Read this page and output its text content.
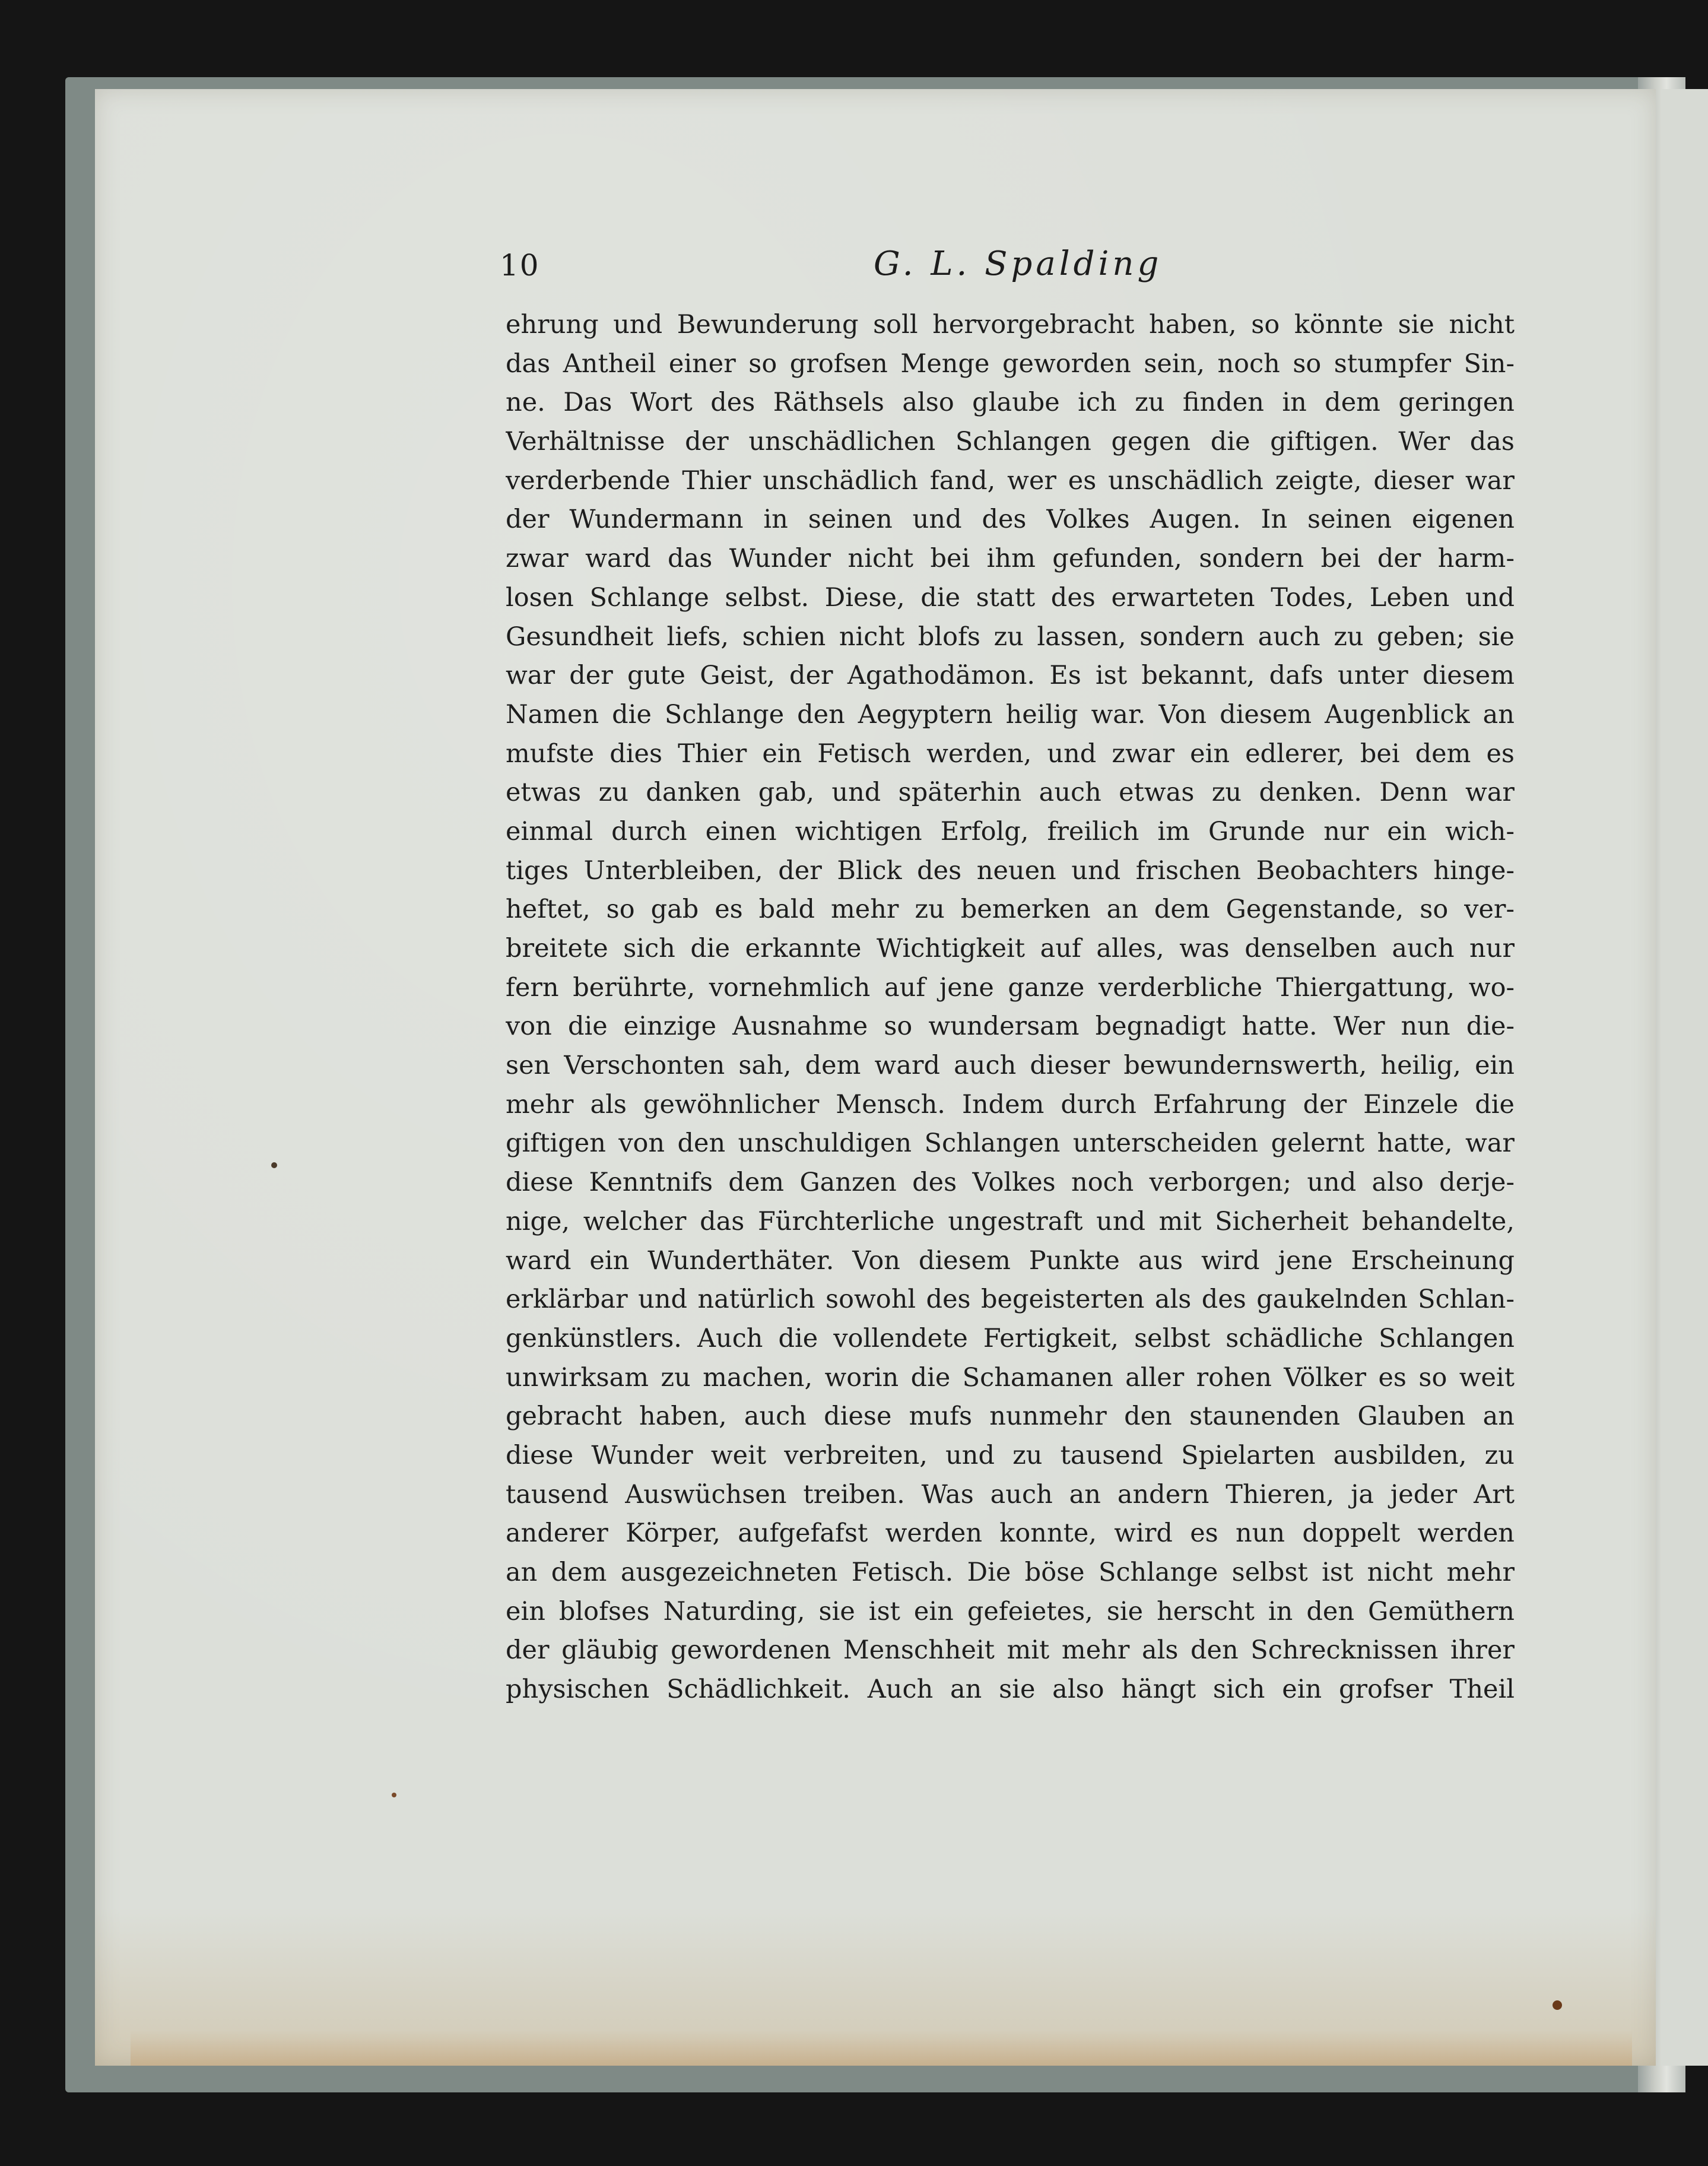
10	G. L. Spalding
ehrung und Bewunderung soll hervorgebracht haben, so könnte sie nicht
das Antheil einer so grofsen Menge geworden sein, noch so stumpfer Sin-
ne. Das Wort des Räthsels also glaube ich zu finden in dem geringen
Verhältnisse der unschädlichen Schlangen gegen die giftigen. Wer das
verderbende Thier unschädlich fand, wer es unschädlich zeigte, dieser war
der Wundermann in seinen und des Volkes Augen. In seinen eigenen
zwar ward das Wunder nicht bei ihm gefunden, sondern bei der harm-
losen Schlange selbst. Diese, die statt des erwarteten Todes, Leben und
Gesundheit liefs, schien nicht blofs zu lassen, sondern auch zu geben; sie
war der gute Geist, der Agathodämon. Es ist bekannt, dafs unter diesem
Namen die Schlange den Aegyptern heilig war. Von diesem Augenblick an
mufste dies Thier ein Fetisch werden, und zwar ein edlerer, bei dem es
etwas zu danken gab, und späterhin auch etwas zu denken. Denn war
einmal durch einen wichtigen Erfolg, freilich im Grunde nur ein wich-
tiges Unterbleiben, der Blick des neuen und frischen Beobachters hinge-
heftet, so gab es bald mehr zu bemerken an dem Gegenstande, so ver-
breitete sich die erkannte Wichtigkeit auf alles, was denselben auch nur
fern berührte, vornehmlich auf jene ganze verderbliche Thiergattung, wo-
von die einzige Ausnahme so wundersam begnadigt hatte. Wer nun die-
sen Verschonten sah, dem ward auch dieser bewundernswerth, heilig, ein
mehr als gewöhnlicher Mensch. Indem durch Erfahrung der Einzele die
giftigen von den unschuldigen Schlangen unterscheiden gelernt hatte, war
diese Kenntnifs dem Ganzen des Volkes noch verborgen; und also derje-
nige, welcher das Fürchterliche ungestraft und mit Sicherheit behandelte,
ward ein Wunderthäter. Von diesem Punkte aus wird jene Erscheinung
erklärbar und natürlich sowohl des begeisterten als des gaukelnden Schlan-
genkünstlers. Auch die vollendete Fertigkeit, selbst schädliche Schlangen
unwirksam zu machen, worin die Schamanen aller rohen Völker es so weit
gebracht haben, auch diese mufs nunmehr den staunenden Glauben an
diese Wunder weit verbreiten, und zu tausend Spielarten ausbilden, zu
tausend Auswüchsen treiben. Was auch an andern Thieren, ja jeder Art
anderer Körper, aufgefafst werden konnte, wird es nun doppelt werden
an dem ausgezeichneten Fetisch. Die böse Schlange selbst ist nicht mehr
ein blofses Naturding, sie ist ein gefeietes, sie herscht in den Gemüthern
der gläubig gewordenen Menschheit mit mehr als den Schrecknissen ihrer
physischen Schädlichkeit. Auch an sie also hängt sich ein grofser Theil
